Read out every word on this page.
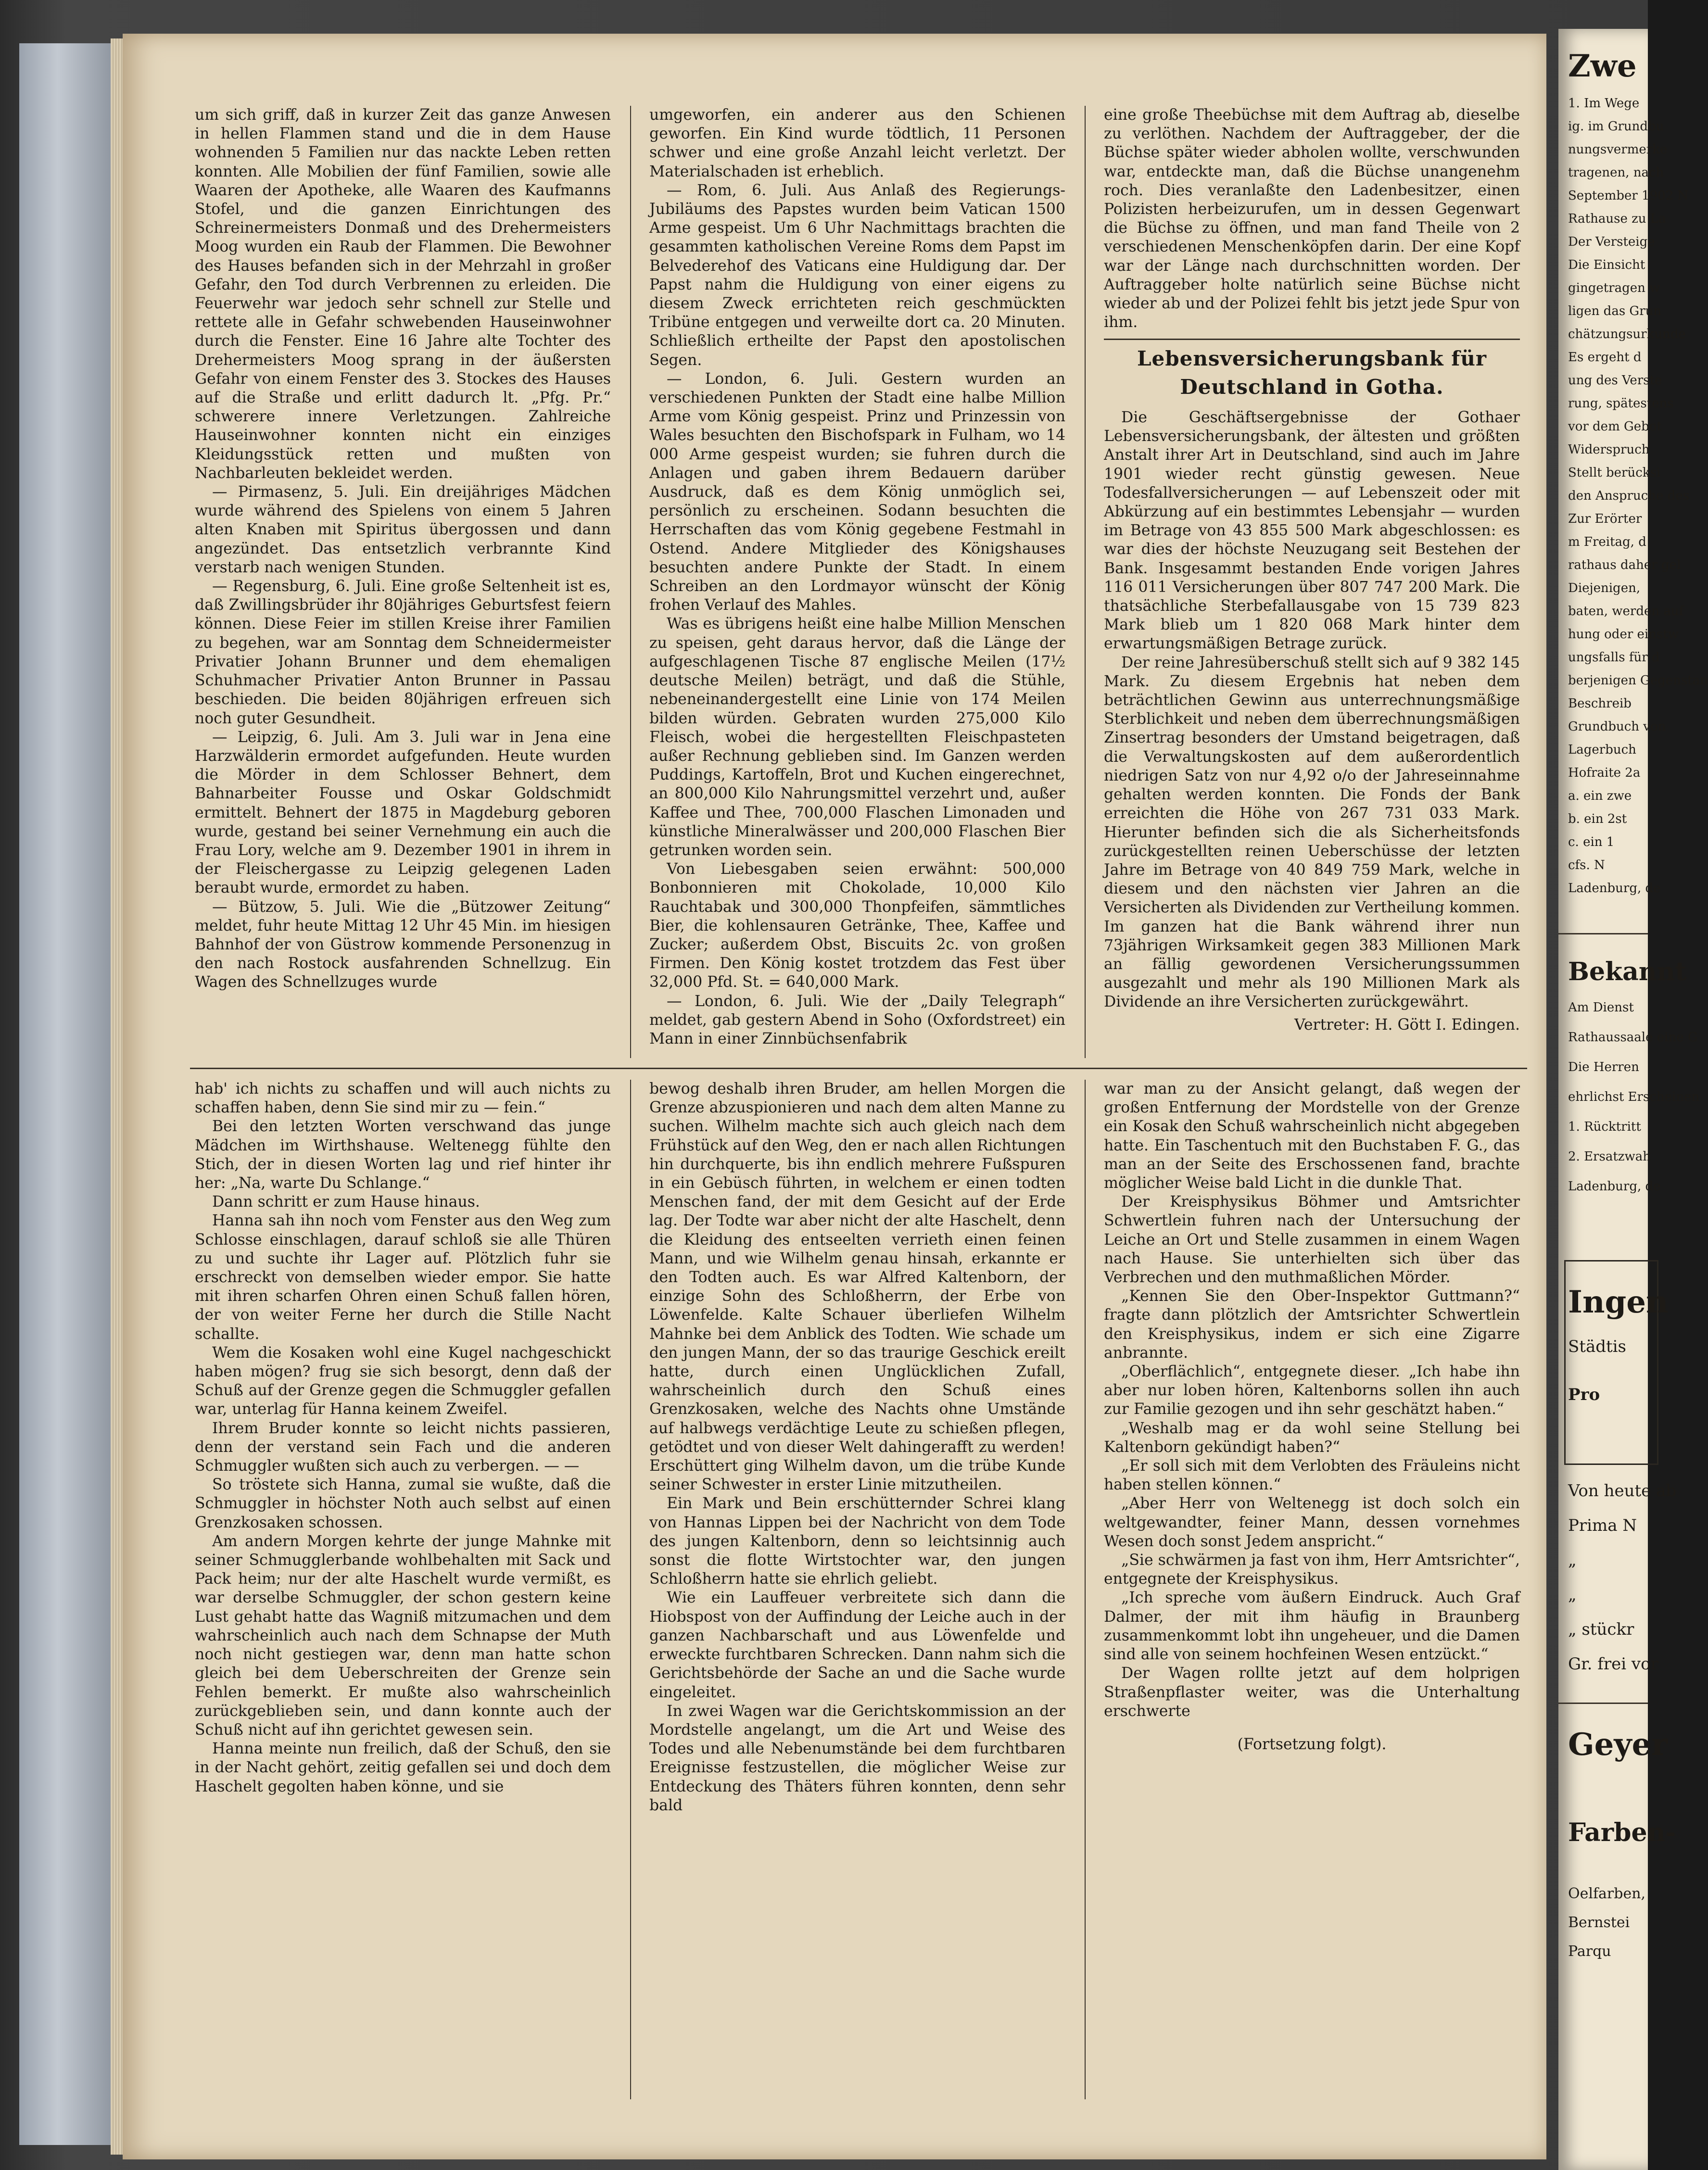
um sich griff, daß in kurzer Zeit das ganze Anwesen in hellen Flammen stand und die in dem Hause wohnenden 5 Familien nur das nackte Leben retten konnten. Alle Mobilien der fünf Familien, sowie alle Waaren der Apotheke, alle Waaren des Kaufmanns Stofel, und die ganzen Einrichtungen des Schreinermeisters Donmaß und des Drehermeisters Moog wurden ein Raub der Flammen. Die Bewohner des Hauses befanden sich in der Mehrzahl in großer Gefahr, den Tod durch Verbrennen zu erleiden. Die Feuerwehr war jedoch sehr schnell zur Stelle und rettete alle in Gefahr schwebenden Hauseinwohner durch die Fenster. Eine 16 Jahre alte Tochter des Drehermeisters Moog sprang in der äußersten Gefahr von einem Fenster des 3. Stockes des Hauses auf die Straße und erlitt dadurch lt. „Pfg. Pr.“ schwerere innere Verletzungen. Zahlreiche Hauseinwohner konnten nicht ein einziges Kleidungsstück retten und mußten von Nachbarleuten bekleidet werden.

— Pirmasenz, 5. Juli. Ein dreijähriges Mädchen wurde während des Spielens von einem 5 Jahren alten Knaben mit Spiritus übergossen und dann angezündet. Das entsetzlich verbrannte Kind verstarb nach wenigen Stunden.

— Regensburg, 6. Juli. Eine große Seltenheit ist es, daß Zwillingsbrüder ihr 80jähriges Geburtsfest feiern können. Diese Feier im stillen Kreise ihrer Familien zu begehen, war am Sonntag dem Schneidermeister Privatier Johann Brunner und dem ehemaligen Schuhmacher Privatier Anton Brunner in Passau beschieden. Die beiden 80jährigen erfreuen sich noch guter Gesundheit.

— Leipzig, 6. Juli. Am 3. Juli war in Jena eine Harzwälderin ermordet aufgefunden. Heute wurden die Mörder in dem Schlosser Behnert, dem Bahnarbeiter Fousse und Oskar Goldschmidt ermittelt. Behnert der 1875 in Magdeburg geboren wurde, gestand bei seiner Vernehmung ein auch die Frau Lory, welche am 9. Dezember 1901 in ihrem in der Fleischergasse zu Leipzig gelegenen Laden beraubt wurde, ermordet zu haben.

— Bützow, 5. Juli. Wie die „Bützower Zeitung“ meldet, fuhr heute Mittag 12 Uhr 45 Min. im hiesigen Bahnhof der von Güstrow kommende Personenzug in den nach Rostock ausfahrenden Schnellzug. Ein Wagen des Schnellzuges wurde

umgeworfen, ein anderer aus den Schienen geworfen. Ein Kind wurde tödtlich, 11 Personen schwer und eine große Anzahl leicht verletzt. Der Materialschaden ist erheblich.

— Rom, 6. Juli. Aus Anlaß des Regierungs-Jubiläums des Papstes wurden beim Vatican 1500 Arme gespeist. Um 6 Uhr Nachmittags brachten die gesammten katholischen Vereine Roms dem Papst im Belvederehof des Vaticans eine Huldigung dar. Der Papst nahm die Huldigung von einer eigens zu diesem Zweck errichteten reich geschmückten Tribüne entgegen und verweilte dort ca. 20 Minuten. Schließlich ertheilte der Papst den apostolischen Segen.

— London, 6. Juli. Gestern wurden an verschiedenen Punkten der Stadt eine halbe Million Arme vom König gespeist. Prinz und Prinzessin von Wales besuchten den Bischofspark in Fulham, wo 14 000 Arme gespeist wurden; sie fuhren durch die Anlagen und gaben ihrem Bedauern darüber Ausdruck, daß es dem König unmöglich sei, persönlich zu erscheinen. Sodann besuchten die Herrschaften das vom König gegebene Festmahl in Ostend. Andere Mitglieder des Königshauses besuchten andere Punkte der Stadt. In einem Schreiben an den Lordmayor wünscht der König frohen Verlauf des Mahles.

Was es übrigens heißt eine halbe Million Menschen zu speisen, geht daraus hervor, daß die Länge der aufgeschlagenen Tische 87 englische Meilen (17½ deutsche Meilen) beträgt, und daß die Stühle, nebeneinandergestellt eine Linie von 174 Meilen bilden würden. Gebraten wurden 275,000 Kilo Fleisch, wobei die hergestellten Fleischpasteten außer Rechnung geblieben sind. Im Ganzen werden Puddings, Kartoffeln, Brot und Kuchen eingerechnet, an 800,000 Kilo Nahrungsmittel verzehrt und, außer Kaffee und Thee, 700,000 Flaschen Limonaden und künstliche Mineralwässer und 200,000 Flaschen Bier getrunken worden sein.

Von Liebesgaben seien erwähnt: 500,000 Bonbonnieren mit Chokolade, 10,000 Kilo Rauchtabak und 300,000 Thonpfeifen, sämmtliches Bier, die kohlensauren Getränke, Thee, Kaffee und Zucker; außerdem Obst, Biscuits 2c. von großen Firmen. Den König kostet trotzdem das Fest über 32,000 Pfd. St. = 640,000 Mark.

— London, 6. Juli. Wie der „Daily Telegraph“ meldet, gab gestern Abend in Soho (Oxfordstreet) ein Mann in einer Zinnbüchsenfabrik

eine große Theebüchse mit dem Auftrag ab, dieselbe zu verlöthen. Nachdem der Auftraggeber, der die Büchse später wieder abholen wollte, verschwunden war, entdeckte man, daß die Büchse unangenehm roch. Dies veranlaßte den Ladenbesitzer, einen Polizisten herbeizurufen, um in dessen Gegenwart die Büchse zu öffnen, und man fand Theile von 2 verschiedenen Menschenköpfen darin. Der eine Kopf war der Länge nach durchschnitten worden. Der Auftraggeber holte natürlich seine Büchse nicht wieder ab und der Polizei fehlt bis jetzt jede Spur von ihm.

Lebensversicherungsbank für Deutschland in Gotha.

Die Geschäftsergebnisse der Gothaer Lebensversicherungsbank, der ältesten und größten Anstalt ihrer Art in Deutschland, sind auch im Jahre 1901 wieder recht günstig gewesen. Neue Todesfallversicherungen — auf Lebenszeit oder mit Abkürzung auf ein bestimmtes Lebensjahr — wurden im Betrage von 43 855 500 Mark abgeschlossen: es war dies der höchste Neuzugang seit Bestehen der Bank. Insgesammt bestanden Ende vorigen Jahres 116 011 Versicherungen über 807 747 200 Mark. Die thatsächliche Sterbefallausgabe von 15 739 823 Mark blieb um 1 820 068 Mark hinter dem erwartungsmäßigen Betrage zurück.

Der reine Jahresüberschuß stellt sich auf 9 382 145 Mark. Zu diesem Ergebnis hat neben dem beträchtlichen Gewinn aus unterrechnungsmäßige Sterblichkeit und neben dem überrechnungsmäßigen Zinsertrag besonders der Umstand beigetragen, daß die Verwaltungskosten auf dem außerordentlich niedrigen Satz von nur 4,92 o/o der Jahreseinnahme gehalten werden konnten. Die Fonds der Bank erreichten die Höhe von 267 731 033 Mark. Hierunter befinden sich die als Sicherheitsfonds zurückgestellten reinen Ueberschüsse der letzten Jahre im Betrage von 40 849 759 Mark, welche in diesem und den nächsten vier Jahren an die Versicherten als Dividenden zur Vertheilung kommen. Im ganzen hat die Bank während ihrer nun 73jährigen Wirksamkeit gegen 383 Millionen Mark an fällig gewordenen Versicherungssummen ausgezahlt und mehr als 190 Millionen Mark als Dividende an ihre Versicherten zurückgewährt.

Vertreter: H. Gött I. Edingen.

hab' ich nichts zu schaffen und will auch nichts zu schaffen haben, denn Sie sind mir zu — fein.“

Bei den letzten Worten verschwand das junge Mädchen im Wirthshause. Weltenegg fühlte den Stich, der in diesen Worten lag und rief hinter ihr her: „Na, warte Du Schlange.“

Dann schritt er zum Hause hinaus.

Hanna sah ihn noch vom Fenster aus den Weg zum Schlosse einschlagen, darauf schloß sie alle Thüren zu und suchte ihr Lager auf. Plötzlich fuhr sie erschreckt von demselben wieder empor. Sie hatte mit ihren scharfen Ohren einen Schuß fallen hören, der von weiter Ferne her durch die Stille Nacht schallte.

Wem die Kosaken wohl eine Kugel nachgeschickt haben mögen? frug sie sich besorgt, denn daß der Schuß auf der Grenze gegen die Schmuggler gefallen war, unterlag für Hanna keinem Zweifel.

Ihrem Bruder konnte so leicht nichts passieren, denn der verstand sein Fach und die anderen Schmuggler wußten sich auch zu verbergen. — —

So tröstete sich Hanna, zumal sie wußte, daß die Schmuggler in höchster Noth auch selbst auf einen Grenzkosaken schossen.

Am andern Morgen kehrte der junge Mahnke mit seiner Schmugglerbande wohlbehalten mit Sack und Pack heim; nur der alte Haschelt wurde vermißt, es war derselbe Schmuggler, der schon gestern keine Lust gehabt hatte das Wagniß mitzumachen und dem wahrscheinlich auch nach dem Schnapse der Muth noch nicht gestiegen war, denn man hatte schon gleich bei dem Ueberschreiten der Grenze sein Fehlen bemerkt. Er mußte also wahrscheinlich zurückgeblieben sein, und dann konnte auch der Schuß nicht auf ihn gerichtet gewesen sein.

Hanna meinte nun freilich, daß der Schuß, den sie in der Nacht gehört, zeitig gefallen sei und doch dem Haschelt gegolten haben könne, und sie

bewog deshalb ihren Bruder, am hellen Morgen die Grenze abzuspionieren und nach dem alten Manne zu suchen. Wilhelm machte sich auch gleich nach dem Frühstück auf den Weg, den er nach allen Richtungen hin durchquerte, bis ihn endlich mehrere Fußspuren in ein Gebüsch führten, in welchem er einen todten Menschen fand, der mit dem Gesicht auf der Erde lag. Der Todte war aber nicht der alte Haschelt, denn die Kleidung des entseelten verrieth einen feinen Mann, und wie Wilhelm genau hinsah, erkannte er den Todten auch. Es war Alfred Kaltenborn, der einzige Sohn des Schloßherrn, der Erbe von Löwenfelde. Kalte Schauer überliefen Wilhelm Mahnke bei dem Anblick des Todten. Wie schade um den jungen Mann, der so das traurige Geschick ereilt hatte, durch einen Unglücklichen Zufall, wahrscheinlich durch den Schuß eines Grenzkosaken, welche des Nachts ohne Umstände auf halbwegs verdächtige Leute zu schießen pflegen, getödtet und von dieser Welt dahingerafft zu werden! Erschüttert ging Wilhelm davon, um die trübe Kunde seiner Schwester in erster Linie mitzutheilen.

Ein Mark und Bein erschütternder Schrei klang von Hannas Lippen bei der Nachricht von dem Tode des jungen Kaltenborn, denn so leichtsinnig auch sonst die flotte Wirtstochter war, den jungen Schloßherrn hatte sie ehrlich geliebt.

Wie ein Lauffeuer verbreitete sich dann die Hiobspost von der Auffindung der Leiche auch in der ganzen Nachbarschaft und aus Löwenfelde und erweckte furchtbaren Schrecken. Dann nahm sich die Gerichtsbehörde der Sache an und die Sache wurde eingeleitet.

In zwei Wagen war die Gerichtskommission an der Mordstelle angelangt, um die Art und Weise des Todes und alle Nebenumstände bei dem furchtbaren Ereignisse festzustellen, die möglicher Weise zur Entdeckung des Thäters führen konnten, denn sehr bald

war man zu der Ansicht gelangt, daß wegen der großen Entfernung der Mordstelle von der Grenze ein Kosak den Schuß wahrscheinlich nicht abgegeben hatte. Ein Taschentuch mit den Buchstaben F. G., das man an der Seite des Erschossenen fand, brachte möglicher Weise bald Licht in die dunkle That.

Der Kreisphysikus Böhmer und Amtsrichter Schwertlein fuhren nach der Untersuchung der Leiche an Ort und Stelle zusammen in einem Wagen nach Hause. Sie unterhielten sich über das Verbrechen und den muthmaßlichen Mörder.

„Kennen Sie den Ober-Inspektor Guttmann?“ fragte dann plötzlich der Amtsrichter Schwertlein den Kreisphysikus, indem er sich eine Zigarre anbrannte.

„Oberflächlich“, entgegnete dieser. „Ich habe ihn aber nur loben hören, Kaltenborns sollen ihn auch zur Familie gezogen und ihn sehr geschätzt haben.“

„Weshalb mag er da wohl seine Stellung bei Kaltenborn gekündigt haben?“

„Er soll sich mit dem Verlobten des Fräuleins nicht haben stellen können.“

„Aber Herr von Weltenegg ist doch solch ein weltgewandter, feiner Mann, dessen vornehmes Wesen doch sonst Jedem anspricht.“

„Sie schwärmen ja fast von ihm, Herr Amtsrichter“, entgegnete der Kreisphysikus.

„Ich spreche vom äußern Eindruck. Auch Graf Dalmer, der mit ihm häufig in Braunberg zusammenkommt lobt ihn ungeheuer, und die Damen sind alle von seinem hochfeinen Wesen entzückt.“

Der Wagen rollte jetzt auf dem holprigen Straßenpflaster weiter, was die Unterhaltung erschwerte

(Fortsetzung folgt).

Zwe
1. Im Wege
ig. im Grundbu
nungsvermerke
tragenen, nach
September 1902 N
Rathause zu La
Der Versteige
Die Einsicht
gingetragen w
ligen das Grun
chätzungsurkunde
Es ergeht d
ung des Verste
rung, spätestens
vor dem Gebot
Widerspruch
Stellt berücksi
den Anspruche des
Zur Erörter
m Freitag, d
rathaus daher gel
Diejenigen,
baten, werden auf
hung oder einstw
ungsfalls für d
berjenigen Gegenstan
Beschreib
Grundbuch von
Lagerbuch
Hofraite 2a
a. ein zwe
b. ein 2st
c. ein 1
cfs. N
Ladenburg, de
Bekannt
Am Dienst
Rathaussaale eine G
Die Herren
ehrlichst Erscheinen
1. Rücktritt
2. Ersatzwah
Ladenburg, de
Ingen
Städtis
Pro
Von heute ab
Prima N
„
„
„ stückr
Gr. frei vor
Geyer
Farben-
Oelfarben,
Bernstei
Parqu
